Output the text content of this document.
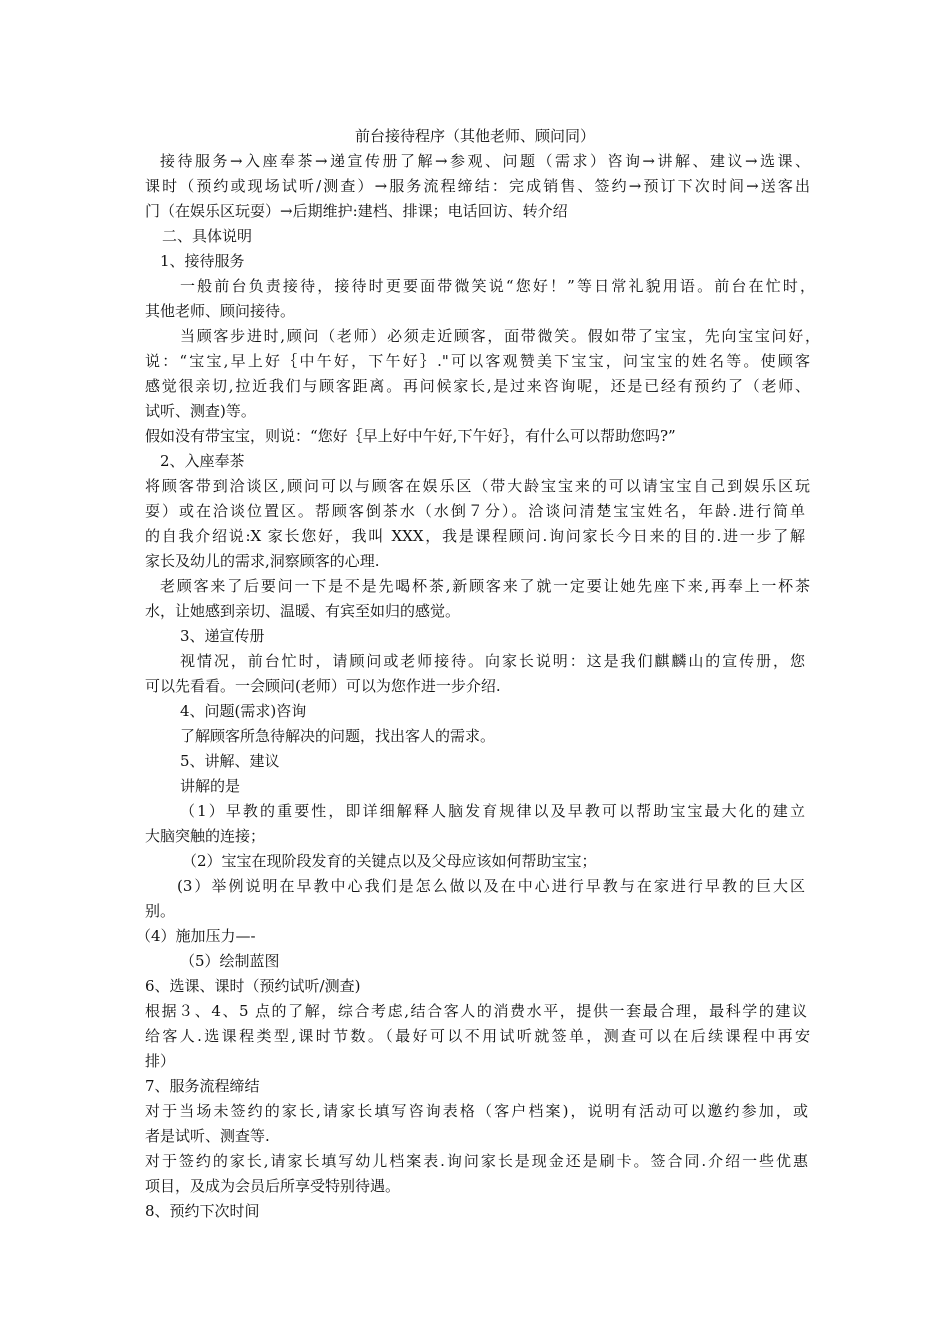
前台接待程序（其他老师、顾问同）
接待服务→入座奉茶→递宣传册了解→参观、问题（需求）咨询→讲解、建议→选课、
课时（预约或现场试听/测查）→服务流程缔结：完成销售、签约→预订下次时间→送客出
门（在娱乐区玩耍）→后期维护:建档、排课；电话回访、转介绍
二、具体说明
1、接待服务
一般前台负责接待，接待时更要面带微笑说“您好！”等日常礼貌用语。前台在忙时，
其他老师、顾问接待。
当顾客步进时,顾问（老师）必须走近顾客，面带微笑。假如带了宝宝，先向宝宝问好，
说：“宝宝,早上好｛中午好，下午好｝."可以客观赞美下宝宝，问宝宝的姓名等。使顾客
感觉很亲切,拉近我们与顾客距离。再问候家长,是过来咨询呢，还是已经有预约了（老师、
试听、测查)等。
假如没有带宝宝，则说：“您好｛早上好中午好,下午好｝，有什么可以帮助您吗?”
2、入座奉茶
将顾客带到洽谈区,顾问可以与顾客在娱乐区（带大龄宝宝来的可以请宝宝自己到娱乐区玩
耍）或在洽谈位置区。帮顾客倒茶水（水倒７分）。洽谈问清楚宝宝姓名，年龄.进行简单
的自我介绍说:X 家长您好，我叫 XXX，我是课程顾问.询问家长今日来的目的.进一步了解
家长及幼儿的需求,洞察顾客的心理.
老顾客来了后要问一下是不是先喝杯茶,新顾客来了就一定要让她先座下来,再奉上一杯茶
水，让她感到亲切、温暖、有宾至如归的感觉。
3、递宣传册
视情况，前台忙时，请顾问或老师接待。向家长说明：这是我们麒麟山的宣传册，您
可以先看看。一会顾问(老师）可以为您作进一步介绍.
4、问题(需求)咨询
了解顾客所急待解决的问题，找出客人的需求。
5、讲解、建议
讲解的是
（1）早教的重要性，即详细解释人脑发育规律以及早教可以帮助宝宝最大化的建立
大脑突触的连接；
（2）宝宝在现阶段发育的关键点以及父母应该如何帮助宝宝；
(3）举例说明在早教中心我们是怎么做以及在中心进行早教与在家进行早教的巨大区
别。
（4）施加压力—-
（5）绘制蓝图
6、选课、课时（预约试听/测查)
根据３、4、5 点的了解，综合考虑,结合客人的消费水平，提供一套最合理，最科学的建议
给客人.选课程类型,课时节数。（最好可以不用试听就签单，测查可以在后续课程中再安
排）
7、服务流程缔结
对于当场未签约的家长,请家长填写咨询表格（客户档案)，说明有活动可以邀约参加，或
者是试听、测查等.
对于签约的家长,请家长填写幼儿档案表.询问家长是现金还是刷卡。签合同.介绍一些优惠
项目，及成为会员后所享受特别待遇。
8、预约下次时间
